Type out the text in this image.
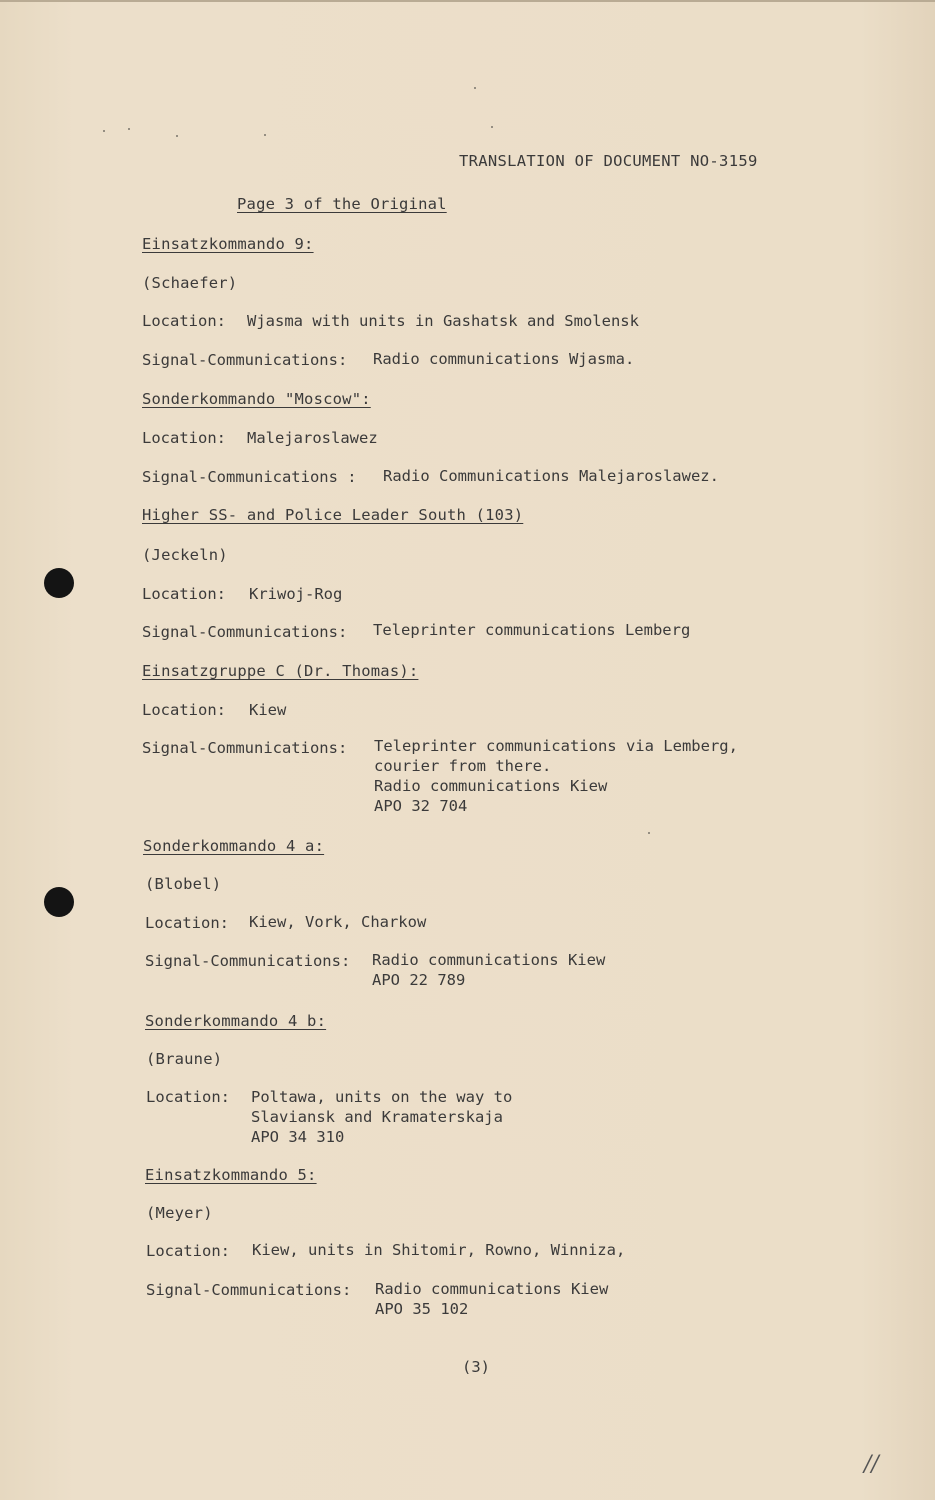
TRANSLATION OF DOCUMENT NO-3159
Page 3 of the Original
Einsatzkommando 9:
(Schaefer)
Location: Wjasma with units in Gashatsk and Smolensk
Signal-Communications: Radio communications Wjasma.
Sonderkommando "Moscow":
Location: Malejaroslawez
Signal-Communications : Radio Communications Malejaroslawez.
Higher SS- and Police Leader South (103)
(Jeckeln)
Location: Kriwoj-Rog
Signal-Communications: Teleprinter communications Lemberg
Einsatzgruppe C (Dr. Thomas):
Location: Kiew
Signal-Communications: Teleprinter communications via Lemberg,
courier from there.
Radio communications Kiew
APO 32 704
Sonderkommando 4 a:
(Blobel)
Location: Kiew, Vork, Charkow
Signal-Communications: Radio communications Kiew
APO 22 789
Sonderkommando 4 b:
(Braune)
Location: Poltawa, units on the way to
Slaviansk and Kramaterskaja
APO 34 310
Einsatzkommando 5:
(Meyer)
Location: Kiew, units in Shitomir, Rowno, Winniza,
Signal-Communications: Radio communications Kiew
APO 35 102
(3)
//
